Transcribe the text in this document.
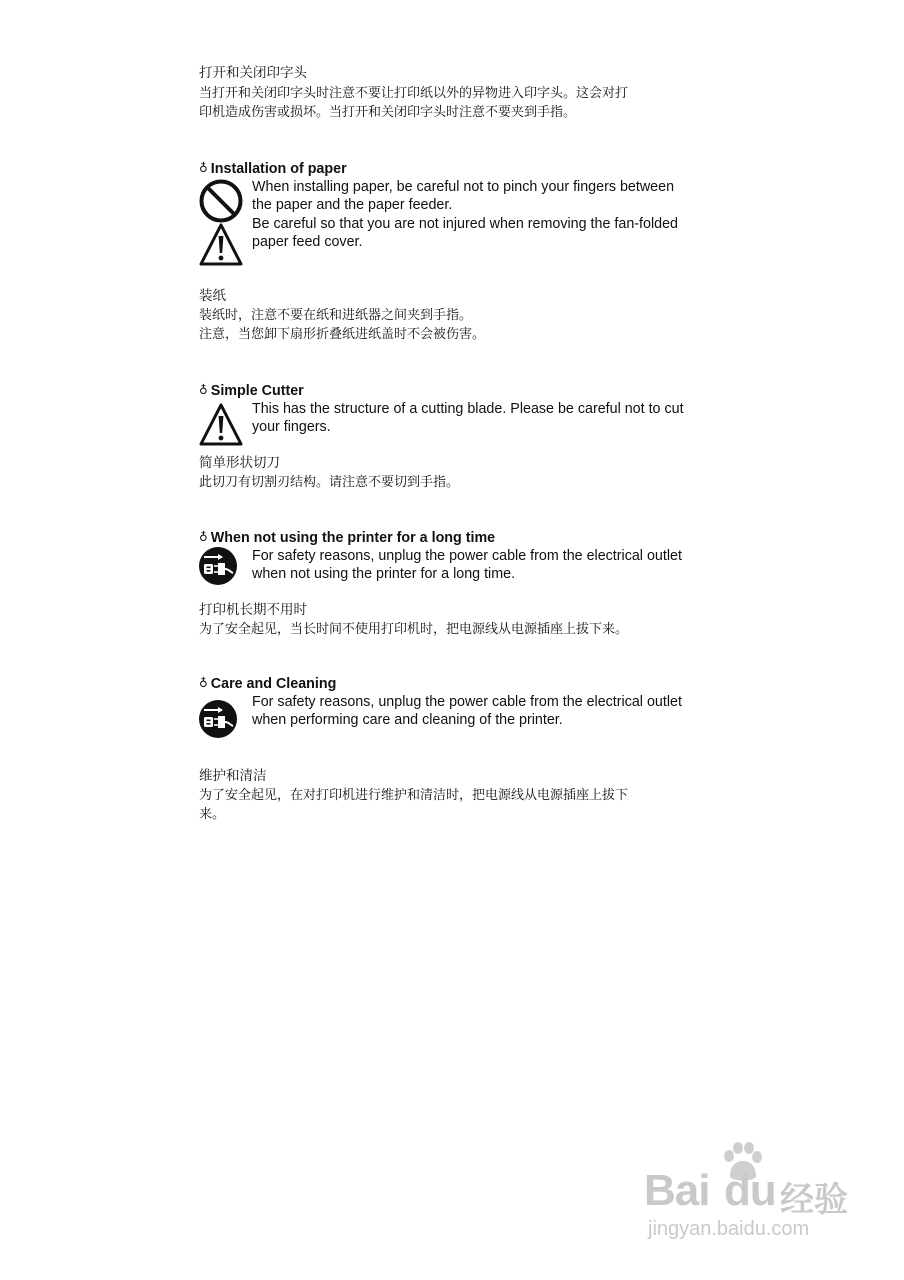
打开和关闭印字头
当打开和关闭印字头时注意不要让打印纸以外的异物进入印字头。这会对打
印机造成伤害或损坏。当打开和关闭印字头时注意不要夹到手指。
♁ Installation of paper
When installing paper, be careful not to pinch your fingers between
the paper and the paper feeder.
Be careful so that you are not injured when removing the fan-folded
paper feed cover.
装纸
装纸时，注意不要在纸和进纸器之间夹到手指。
注意，当您卸下扇形折叠纸进纸盖时不会被伤害。
♁ Simple Cutter
This has the structure of a cutting blade. Please be careful not to cut
your fingers.
简单形状切刀
此切刀有切割刃结构。请注意不要切到手指。
♁ When not using the printer for a long time
For safety reasons, unplug the power cable from the electrical outlet
when not using the printer for a long time.
打印机长期不用时
为了安全起见，当长时间不使用打印机时，把电源线从电源插座上拔下来。
♁ Care and Cleaning
For safety reasons, unplug the power cable from the electrical outlet
when performing care and cleaning of the printer.
维护和清洁
为了安全起见，在对打印机进行维护和清洁时，把电源线从电源插座上拔下
来。
Bai du 经验
jingyan.baidu.com
